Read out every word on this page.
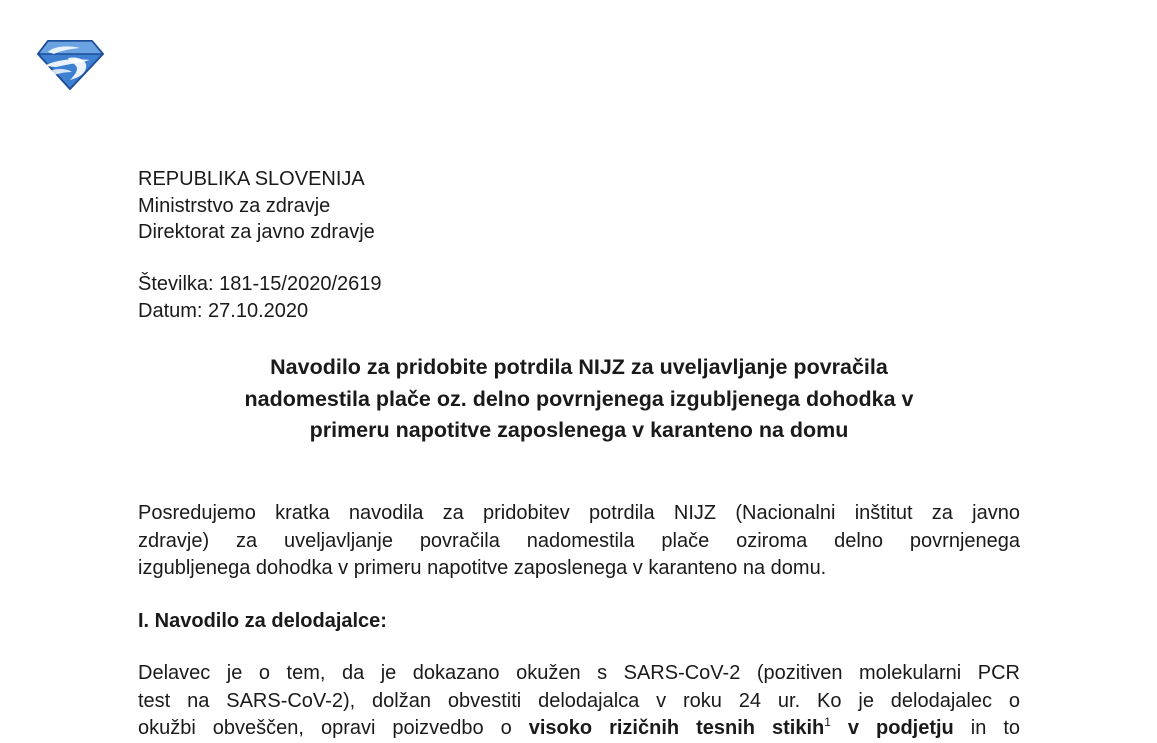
REPUBLIKA SLOVENIJA
Ministrstvo za zdravje
Direktorat za javno zdravje
Številka: 181-15/2020/2619
Datum: 27.10.2020
Navodilo za pridobite potrdila NIJZ za uveljavljanje povračila
nadomestila plače oz. delno povrnjenega izgubljenega dohodka v
primeru napotitve zaposlenega v karanteno na domu

Posredujemo kratka navodila za pridobitev potrdila NIJZ (Nacionalni inštitut za javno
zdravje) za uveljavljanje povračila nadomestila plače oziroma delno povrnjenega
izgubljenega dohodka v primeru napotitve zaposlenega v karanteno na domu.

I. Navodilo za delodajalce:

Delavec je o tem, da je dokazano okužen s SARS-CoV-2 (pozitiven molekularni PCR
test na SARS-CoV-2), dolžan obvestiti delodajalca v roku 24 ur. Ko je delodajalec o
okužbi obveščen, opravi poizvedbo o visoko rizičnih tesnih stikih$^1$ v podjetju in to
